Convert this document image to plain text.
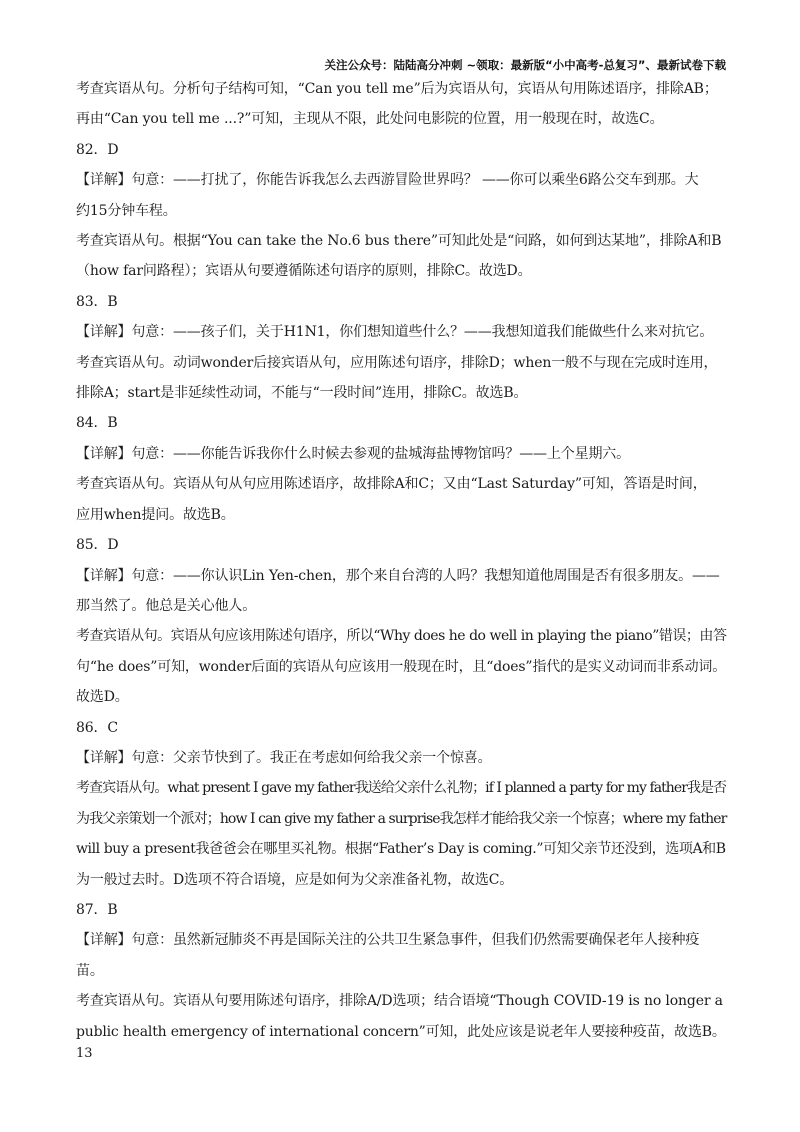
关注公众号：陆陆高分冲刺 ~领取：最新版“小中高考-总复习”、最新试卷下载
考查宾语从句。分析句子结构可知，“Can you tell me”后为宾语从句，宾语从句用陈述语序，排除AB；
再由“Can you tell me ...?”可知，主现从不限，此处问电影院的位置，用一般现在时，故选C。
82．D
【详解】句意：——打扰了，你能告诉我怎么去西游冒险世界吗？ ——你可以乘坐6路公交车到那。大
约15分钟车程。
考查宾语从句。根据“You can take the No.6 bus there”可知此处是“问路，如何到达某地”，排除A和B
（how far问路程）；宾语从句要遵循陈述句语序的原则，排除C。故选D。
83．B
【详解】句意：——孩子们，关于H1N1，你们想知道些什么？——我想知道我们能做些什么来对抗它。
考查宾语从句。动词wonder后接宾语从句，应用陈述句语序，排除D；when一般不与现在完成时连用，
排除A；start是非延续性动词，不能与“一段时间”连用，排除C。故选B。
84．B
【详解】句意：——你能告诉我你什么时候去参观的盐城海盐博物馆吗？——上个星期六。
考查宾语从句。宾语从句从句应用陈述语序，故排除A和C；又由“Last Saturday”可知，答语是时间，
应用when提问。故选B。
85．D
【详解】句意：——你认识Lin Yen-chen，那个来自台湾的人吗？我想知道他周围是否有很多朋友。——
那当然了。他总是关心他人。
考查宾语从句。宾语从句应该用陈述句语序，所以“Why does he do well in playing the piano”错误；由答
句“he does”可知，wonder后面的宾语从句应该用一般现在时，且“does”指代的是实义动词而非系动词。
故选D。
86．C
【详解】句意：父亲节快到了。我正在考虑如何给我父亲一个惊喜。
考查宾语从句。what present I gave my father我送给父亲什么礼物；if I planned a party for my father我是否
为我父亲策划一个派对；how I can give my father a surprise我怎样才能给我父亲一个惊喜；where my father
will buy a present我爸爸会在哪里买礼物。根据“Father’s Day is coming.”可知父亲节还没到，选项A和B
为一般过去时。D选项不符合语境，应是如何为父亲准备礼物，故选C。
87．B
【详解】句意：虽然新冠肺炎不再是国际关注的公共卫生紧急事件，但我们仍然需要确保老年人接种疫
苗。
考查宾语从句。宾语从句要用陈述句语序，排除A/D选项；结合语境“Though COVID-19 is no longer a
public health emergency of international concern”可知，此处应该是说老年人要接种疫苗，故选B。
13
